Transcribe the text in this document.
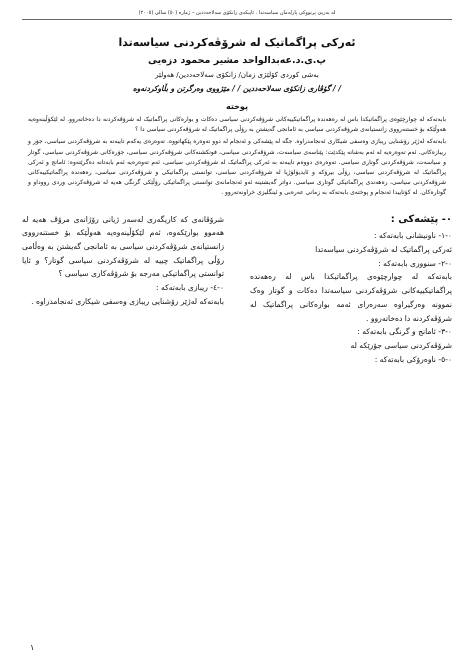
لە بەرپێ پرتووکی پارلەمان سیاسەتدا . ئاپیکەی زانکۆی سەلاحەددین – ژمارە (٥٠) ساڵی (٢٠٠٥)
ئەرکی پراگماتیک لە شرۆڤەکردنی سیاسەتدا
پ.ی.د.عەبدالواحد مشیر محمود دزەیی
بەشی کوردی کۆلێژی زمان/ زانکۆی سەلاحەددین/ هەولێر
/ / گۆڤاری زانکۆی سەلاحەددین / / مێژووی وەرگرتن و بڵاوکردنەوە
پوختە

بابەتەکە لە چوارچێوەی پراگماتیکدا باس لە رەهەندە پراگماتیکییەکانی شرۆڤەکردنی سیاسی دەکات و بوارەکانی پراگماتیک لە شرۆڤەکردنە دا دەخاتەروو. لە لێکۆڵینەوەیە هەوڵێکە بۆ خستنەرووی زانستیانەی شرۆڤەکردنی سیاسی بە ئامانجی گەیشتن بە رۆڵی پراگماتیک لە شرۆڤەکردنی سیاسی دا ؟

بابەتەکە لەژێر رۆشنایی ریبازی وەسفی شیکاری ئەنجامدراوە. جگە لە پێشەکی و ئەنجام لە دوو تەوەرە پێکهاتووە. تەوەرەی یەکەم تایبەتە بە شرۆڤەکردنی سیاسی، جۆر و ریبازەکانی. ئەم تەوەرەیە لە ئەم بەشانە پێکدێت: پێناسەی سیاسەت، شرۆڤەکردنی سیاسی، فونکشنەکانی شرۆڤەکردنی سیاسی، جۆرەکانی شرۆڤەکردنی سیاسی، گوتار و سیاسەت، شرۆڤەکردنی گوتاری سیاسی. تەوەرەی دووەم تایبەتە بە ئەرکی پراگماتیک لە شرۆڤەکردنی سیاسی، ئەم تەوەرەیە ئەم بابەتانە دەگرێتەوە: ئامانج و ئەرکی پراگماتیک لە شرۆڤەکردنی سیاسی، رۆڵی بیرۆکە و ئایدیۆلۆژیا لە شرۆڤەکردنی سیاسی، توانستی پراگماتیکی و شرۆڤەکردنی سیاسی، رەهەندە پراگماتیکییەکانی شرۆڤەکردنی سیاسی، رەهەندی پراگماتیکی گوتاری سیاسی. دواتر گەیشتینە ئەو ئەنجامانەی توانستی پراگماتیکی رۆڵێکی گرنگی هەیە لە شرۆڤەکردنی وردی رووداو و گوتارەکان. لە کۆتاییدا ئەنجام و پوختەی بابەتەکە بە زمانی عەرەبی و ئینگلیزی خراونەتەروو .

٠- پێشەکی :

٠-١- ناونیشانی بابەتەکە :

ئەرکی پراگماتیک لە شرۆڤەکردنی سیاسەتدا

٠-٢- سنووری بابەتەکە :

بابەتەکە لە چوارچێوەی پراگماتیکدا باس لە رەهەندە پراگماتیکییەکانی شرۆڤەکردنی سیاسەتدا دەکات و گوتار وەک نموونە وەرگیراوە سەرەرای ئەمە بوارەکانی پراگماتیک لە شرۆڤەکردنە دا دەخاتەروو .

٠-٣- ئامانج و گرنگی بابەتەکە :

شرۆڤەکردنی سیاسی جۆرێکە لە

٠-٥- ناوەرۆکی بابەتەکە :

شرۆڤانەی کە کاریگەری لەسەر ژیانی رۆژانەی مرۆڤ هەیە لە هەموو بوارێکەوە، ئەم لێکۆڵینەوەیە هەوڵێکە بۆ خستنەرووی زانستیانەی شرۆڤەکردنی سیاسی بە ئامانجی گەیشتن بە وەڵامی رۆڵی پراگماتیک چییە لە شرۆڤەکردنی سیاسی گوتار؟ و ئایا توانستی پراگماتیکی مەرجە بۆ شرۆڤەکاری سیاسی ؟

٠-٤- ریبازی بابەتەکە :

بابەتەکە لەژێر رۆشنایی ریبازی وەسفی شیکاری ئەنجامدراوە .

١
